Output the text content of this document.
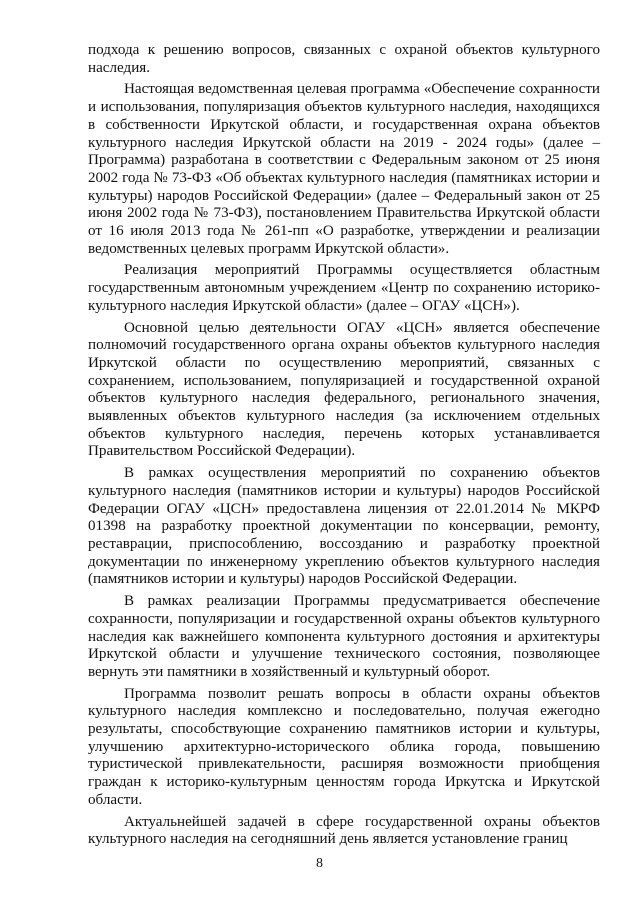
подхода к решению вопросов, связанных с охраной объектов культурного наследия.

Настоящая ведомственная целевая программа «Обеспечение сохранности и использования, популяризация объектов культурного наследия, находящихся в собственности Иркутской области, и государственная охрана объектов культурного наследия Иркутской области на 2019 - 2024 годы» (далее – Программа) разработана в соответствии с Федеральным законом от 25 июня 2002 года № 73-ФЗ «Об объектах культурного наследия (памятниках истории и культуры) народов Российской Федерации» (далее – Федеральный закон от 25 июня 2002 года № 73-ФЗ), постановлением Правительства Иркутской области от 16 июля 2013 года № 261-пп «О разработке, утверждении и реализации ведомственных целевых программ Иркутской области».

Реализация мероприятий Программы осуществляется областным государственным автономным учреждением «Центр по сохранению историко-культурного наследия Иркутской области» (далее – ОГАУ «ЦСН»).

Основной целью деятельности ОГАУ «ЦСН» является обеспечение полномочий государственного органа охраны объектов культурного наследия Иркутской области по осуществлению мероприятий, связанных с сохранением, использованием, популяризацией и государственной охраной объектов культурного наследия федерального, регионального значения, выявленных объектов культурного наследия (за исключением отдельных объектов культурного наследия, перечень которых устанавливается Правительством Российской Федерации).

В рамках осуществления мероприятий по сохранению объектов культурного наследия (памятников истории и культуры) народов Российской Федерации ОГАУ «ЦСН» предоставлена лицензия от 22.01.2014 № МКРФ 01398 на разработку проектной документации по консервации, ремонту, реставрации, приспособлению, воссозданию и разработку проектной документации по инженерному укреплению объектов культурного наследия (памятников истории и культуры) народов Российской Федерации.

В рамках реализации Программы предусматривается обеспечение сохранности, популяризации и государственной охраны объектов культурного наследия как важнейшего компонента культурного достояния и архитектуры Иркутской области и улучшение технического состояния, позволяющее вернуть эти памятники в хозяйственный и культурный оборот.

Программа позволит решать вопросы в области охраны объектов культурного наследия комплексно и последовательно, получая ежегодно результаты, способствующие сохранению памятников истории и культуры, улучшению архитектурно-исторического облика города, повышению туристической привлекательности, расширяя возможности приобщения граждан к историко-культурным ценностям города Иркутска и Иркутской области.

Актуальнейшей задачей в сфере государственной охраны объектов культурного наследия на сегодняшний день является установление границ

8
